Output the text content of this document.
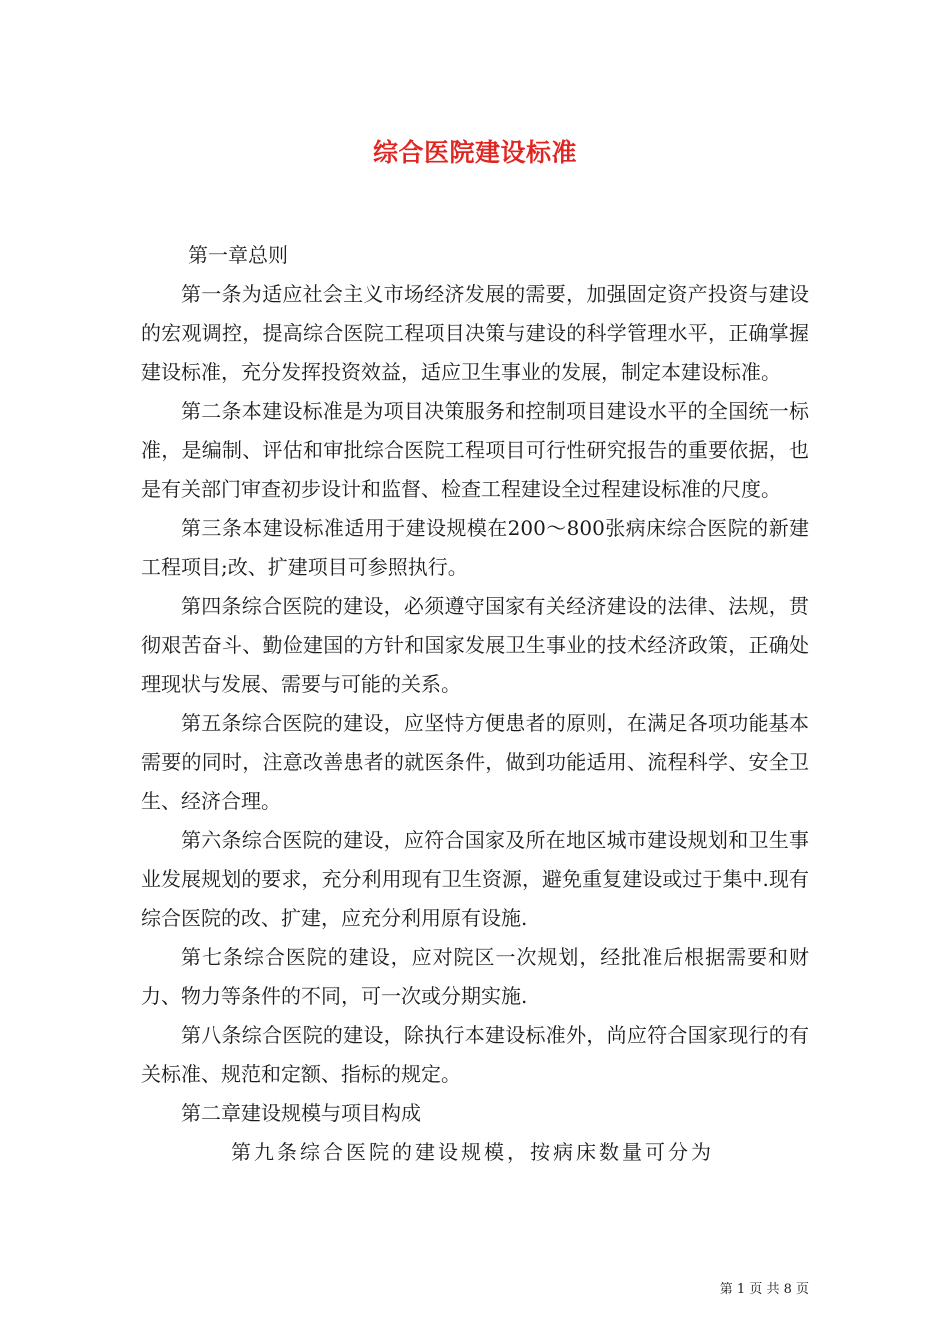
综合医院建设标准

第一章总则

第一条为适应社会主义市场经济发展的需要，加强固定资产投资与建设的宏观调控，提高综合医院工程项目决策与建设的科学管理水平，正确掌握建设标准，充分发挥投资效益，适应卫生事业的发展，制定本建设标准。

第二条本建设标准是为项目决策服务和控制项目建设水平的全国统一标准，是编制、评估和审批综合医院工程项目可行性研究报告的重要依据，也是有关部门审查初步设计和监督、检查工程建设全过程建设标准的尺度。

第三条本建设标准适用于建设规模在200～800张病床综合医院的新建工程项目;改、扩建项目可参照执行。

第四条综合医院的建设，必须遵守国家有关经济建设的法律、法规，贯彻艰苦奋斗、勤俭建国的方针和国家发展卫生事业的技术经济政策，正确处理现状与发展、需要与可能的关系。

第五条综合医院的建设，应坚恃方便患者的原则，在满足各项功能基本需要的同时，注意改善患者的就医条件，做到功能适用、流程科学、安全卫生、经济合理。

第六条综合医院的建设，应符合国家及所在地区城市建设规划和卫生事业发展规划的要求，充分利用现有卫生资源，避免重复建设或过于集中.现有综合医院的改、扩建，应充分利用原有设施.

第七条综合医院的建设，应对院区一次规划，经批准后根据需要和财力、物力等条件的不同，可一次或分期实施.

第八条综合医院的建设，除执行本建设标准外，尚应符合国家现行的有关标准、规范和定额、指标的规定。

第二章建设规模与项目构成

第九条综合医院的建设规模，按病床数量可分为

第 1 页 共 8 页
